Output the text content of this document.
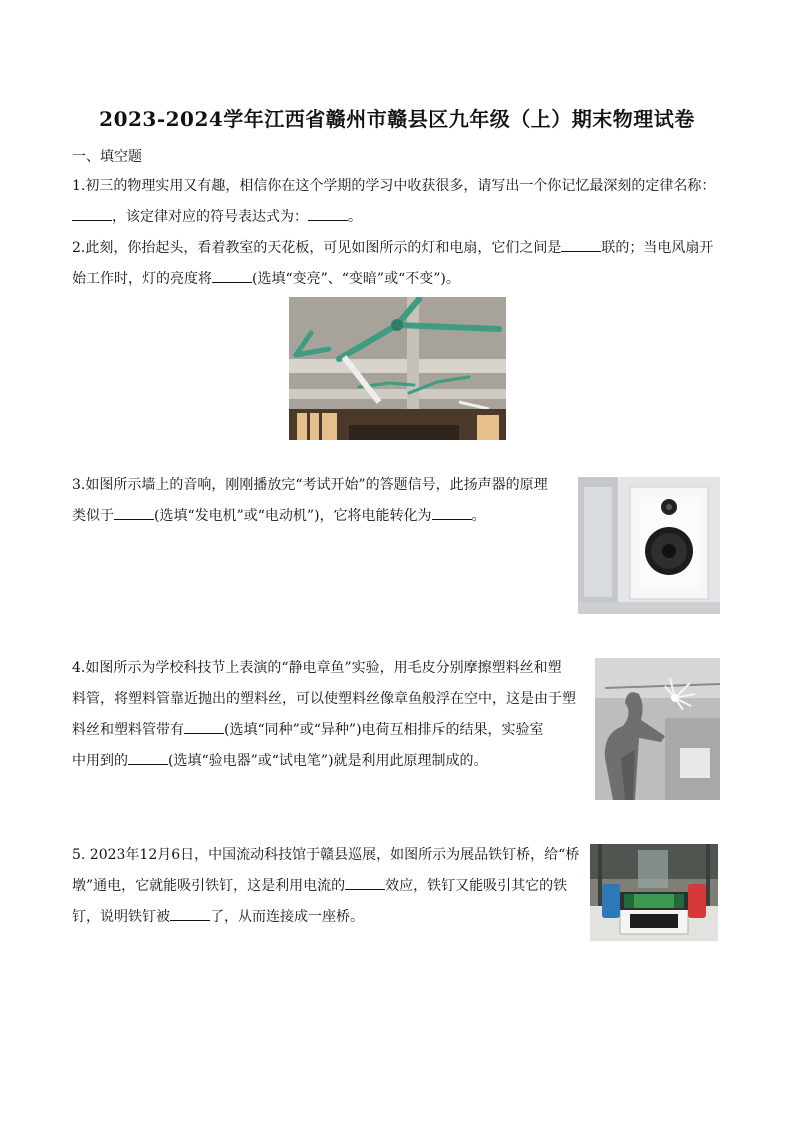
2023-2024学年江西省赣州市赣县区九年级（上）期末物理试卷
一、填空题
1.初三的物理实用又有趣，相信你在这个学期的学习中收获很多，请写出一个你记忆最深刻的定律名称：
，该定律对应的符号表达式为：	。
2.此刻，你抬起头，看着教室的天花板，可见如图所示的灯和电扇，它们之间是	联的；当电风扇开
始工作时，灯的亮度将	(选填“变亮”、“变暗”或“不变”)。
3.如图所示墙上的音响，刚刚播放完“考试开始”的答题信号，此扬声器的原理
类似于	(选填“发电机”或“电动机”)，它将电能转化为	。
4.如图所示为学校科技节上表演的“静电章鱼”实验，用毛皮分别摩擦塑料丝和塑
料管，将塑料管靠近抛出的塑料丝，可以使塑料丝像章鱼般浮在空中，这是由于塑
料丝和塑料管带有	(选填“同种”或“异种”)电荷互相排斥的结果，实验室
中用到的	(选填“验电器”或“试电笔”)就是利用此原理制成的。
5. 2023年12月6日，中国流动科技馆于赣县巡展，如图所示为展品铁钉桥，给“桥
墩”通电，它就能吸引铁钉，这是利用电流的	效应，铁钉又能吸引其它的铁
钉，说明铁钉被	了，从而连接成一座桥。
